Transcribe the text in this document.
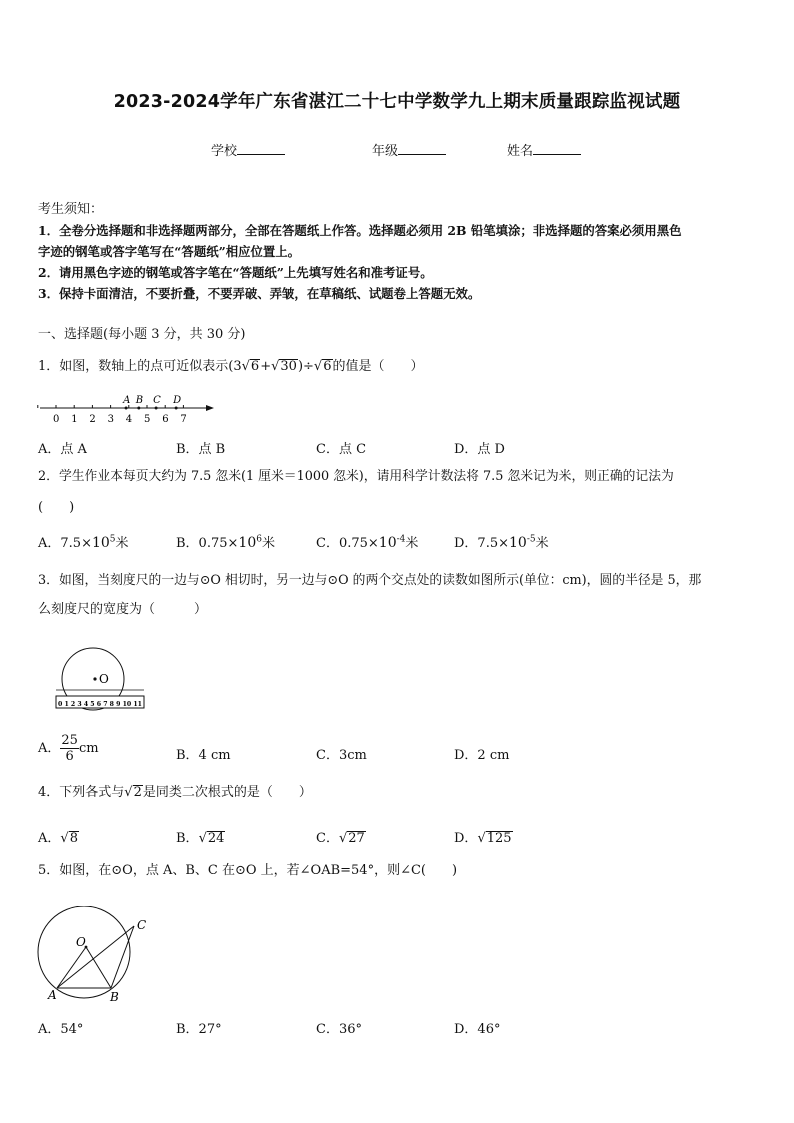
2023-2024学年广东省湛江二十七中学数学九上期末质量跟踪监视试题
学校	年级	姓名
考生须知：
1．全卷分选择题和非选择题两部分，全部在答题纸上作答。选择题必须用 2B 铅笔填涂；非选择题的答案必须用黑色
字迹的钢笔或答字笔写在“答题纸”相应位置上。
2．请用黑色字迹的钢笔或答字笔在“答题纸”上先填写姓名和准考证号。
3．保持卡面清洁，不要折叠，不要弄破、弄皱，在草稿纸、试题卷上答题无效。
一、选择题(每小题 3 分，共 30 分)
1．如图，数轴上的点可近似表示(3√6+√30)÷√6的值是（　　）
0 1 2 3 4 5 6 7
A B C D
A．点 A	B．点 B	C．点 C	D．点 D
2．学生作业本每页大约为 7.5 忽米(1 厘米＝1000 忽米)，请用科学计数法将 7.5 忽米记为米，则正确的记法为
(　　)
A．$7.5\times 10^5$米	B．$0.75\times 10^6$米	C．$0.75\times 10^{-4}$米	D．$7.5\times 10^{-5}$米
3．如图，当刻度尺的一边与⊙O 相切时，另一边与⊙O 的两个交点处的读数如图所示(单位：cm)，圆的半径是 5，那
么刻度尺的宽度为（　　　）
O
0 1 2 3 4 5 6 7 8 9 10 11
A． $\frac{25}{6}$ cm	B．4 cm	C．3cm	D．2 cm
4．下列各式与√2是同类二次根式的是（　　）
A．√8	B．√24	C．√27	D．√125
5．如图，在⊙O，点 A、B、C 在⊙O 上，若∠OAB=54°，则∠C(　　)
O
A	B
C
A．54°	B．27°	C．36°	D．46°
